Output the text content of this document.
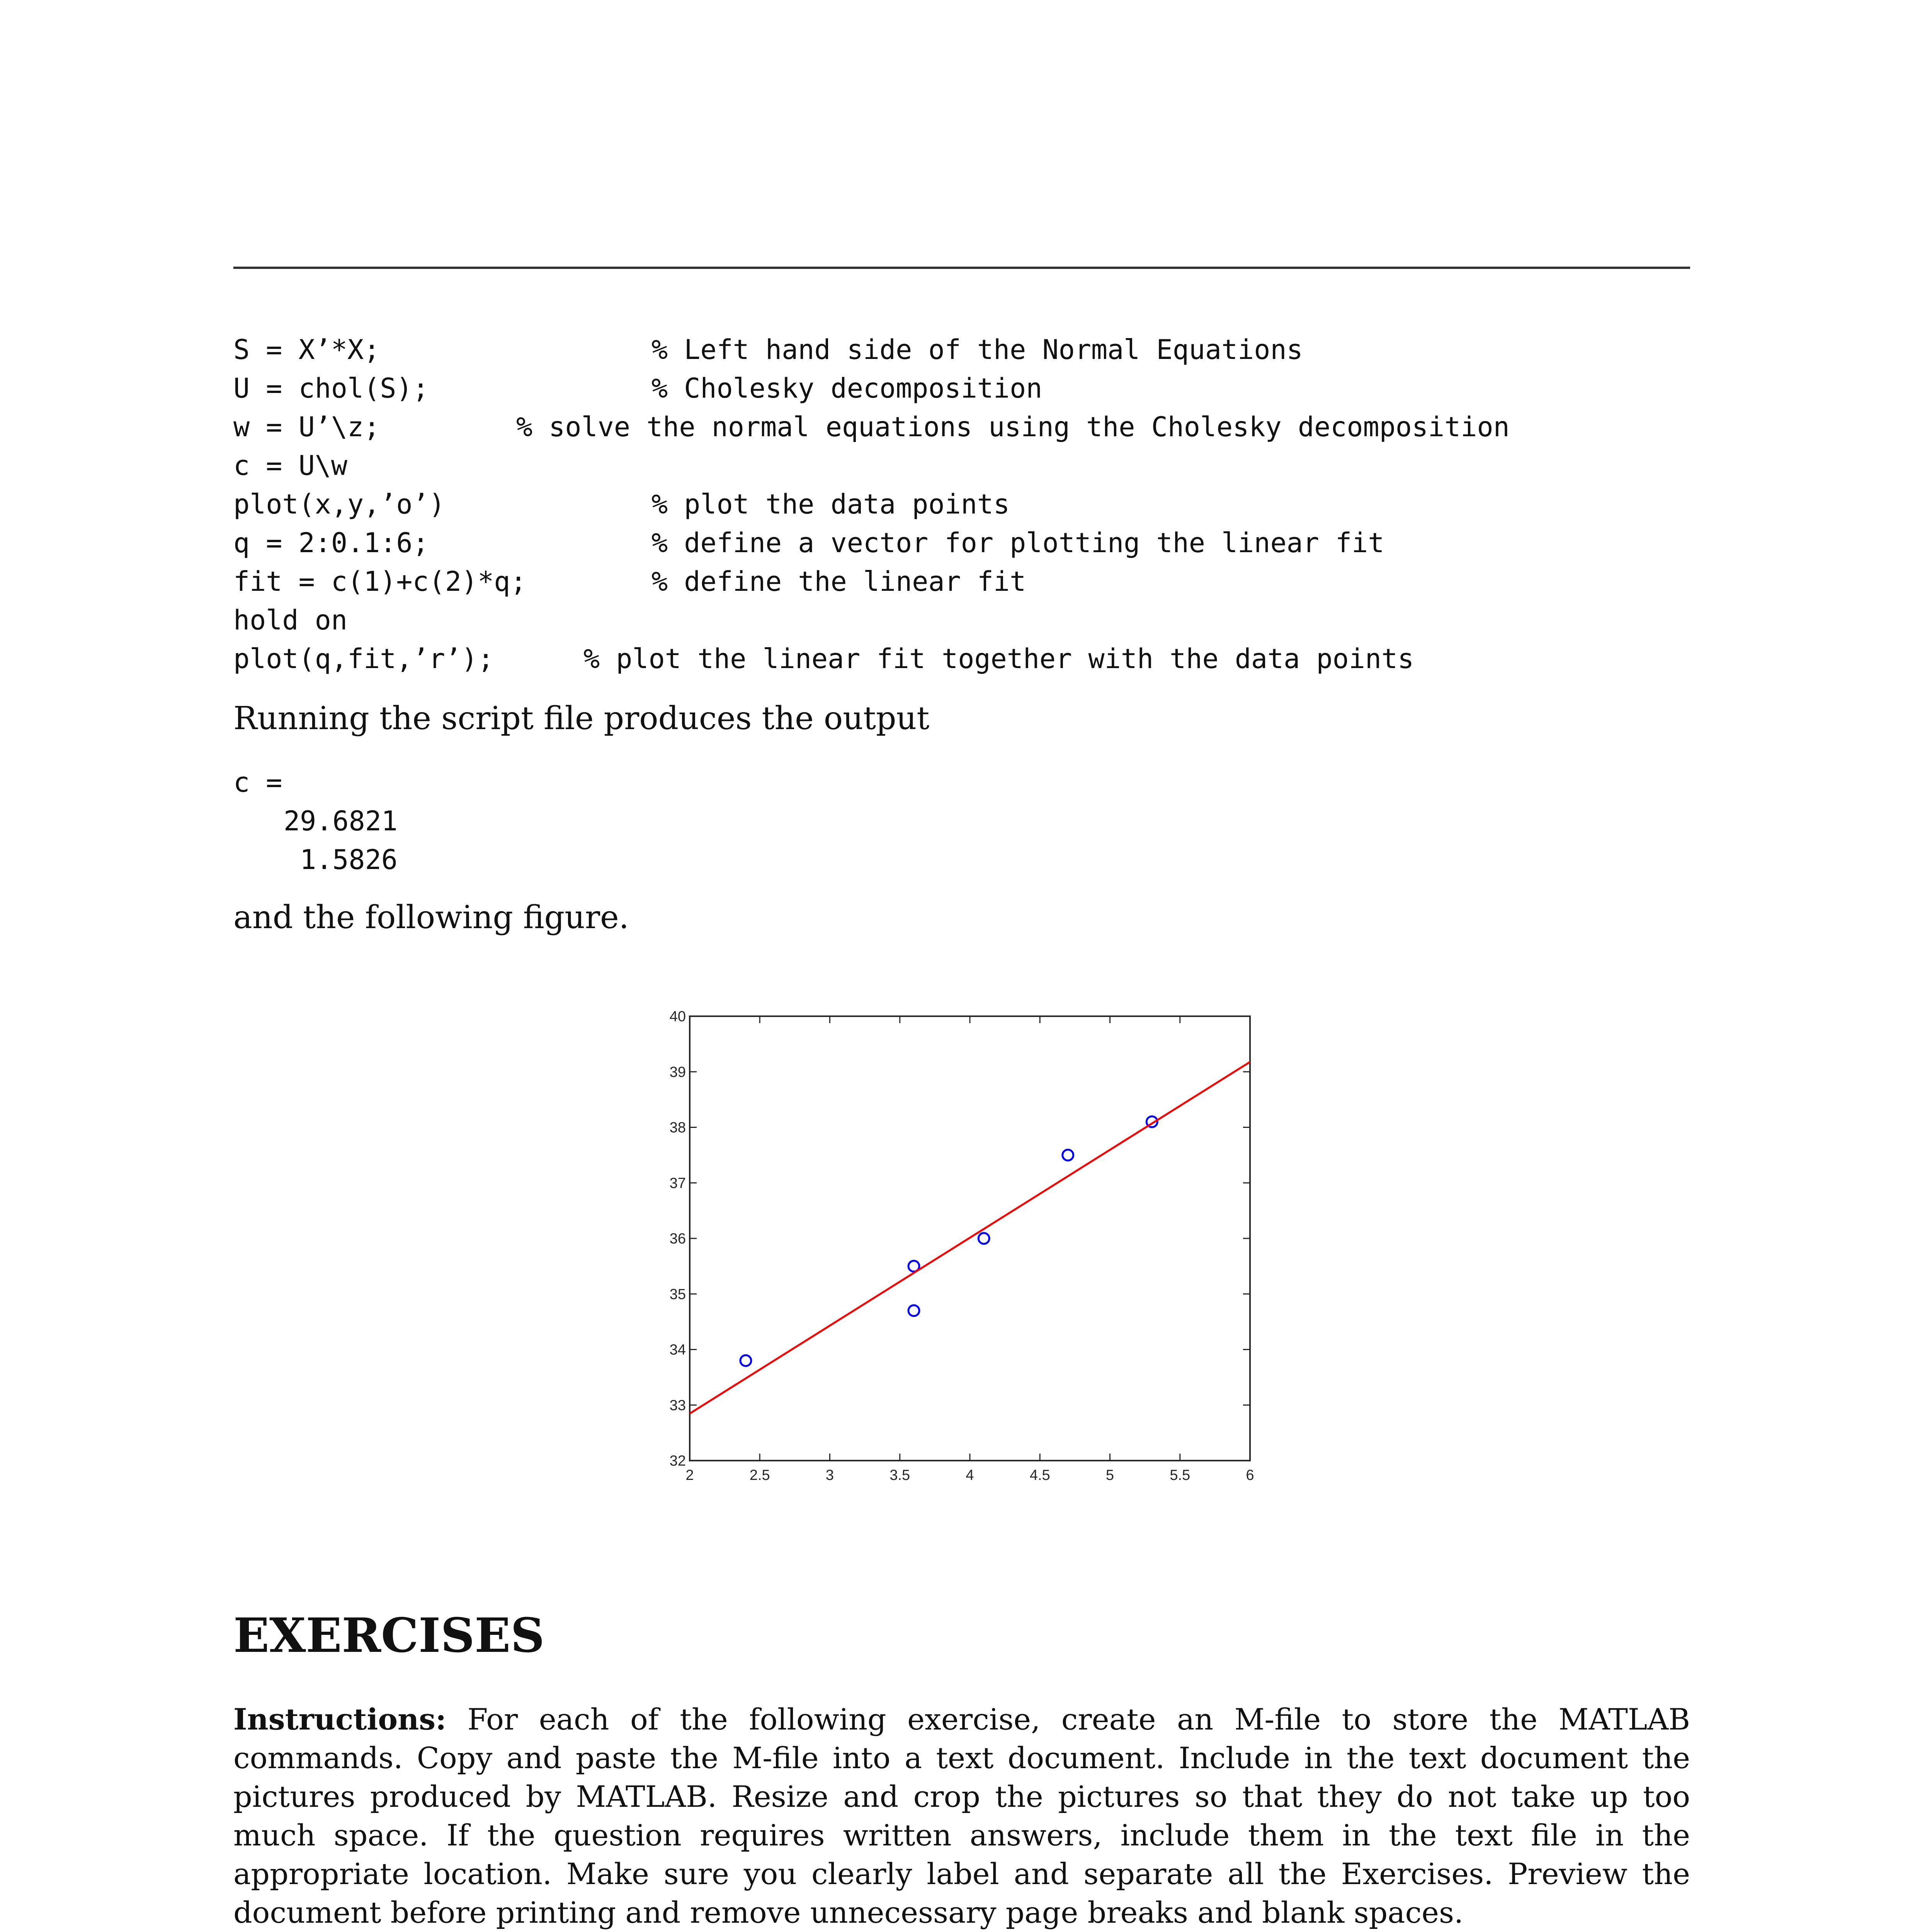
S = X’*X;	% Left hand side of the Normal Equations
U = chol(S);	% Cholesky decomposition
w = U’\z;	% solve the normal equations using the Cholesky decomposition
c = U\w
plot(x,y,’o’)	% plot the data points
q = 2:0.1:6;	% define a vector for plotting the linear fit
fit = c(1)+c(2)*q;	% define the linear fit
hold on
plot(q,fit,’r’);	% plot the linear fit together with the data points
Running the script file produces the output
c =
29.6821
1.5826
and the following figure.
2	2.5	3	3.5	4	4.5	5	5.5	6
32
33
34
35
36
37
38
39
40
EXERCISES
Instructions: For each of the following exercise, create an M-file to store the MATLAB commands. Copy and paste the M-file into a text document. Include in the text document the pictures produced by MATLAB. Resize and crop the pictures so that they do not take up too much space. If the question requires written answers, include them in the text file in the appropriate location. Make sure you clearly label and separate all the Exercises. Preview the document before printing and remove unnecessary page breaks and blank spaces.
